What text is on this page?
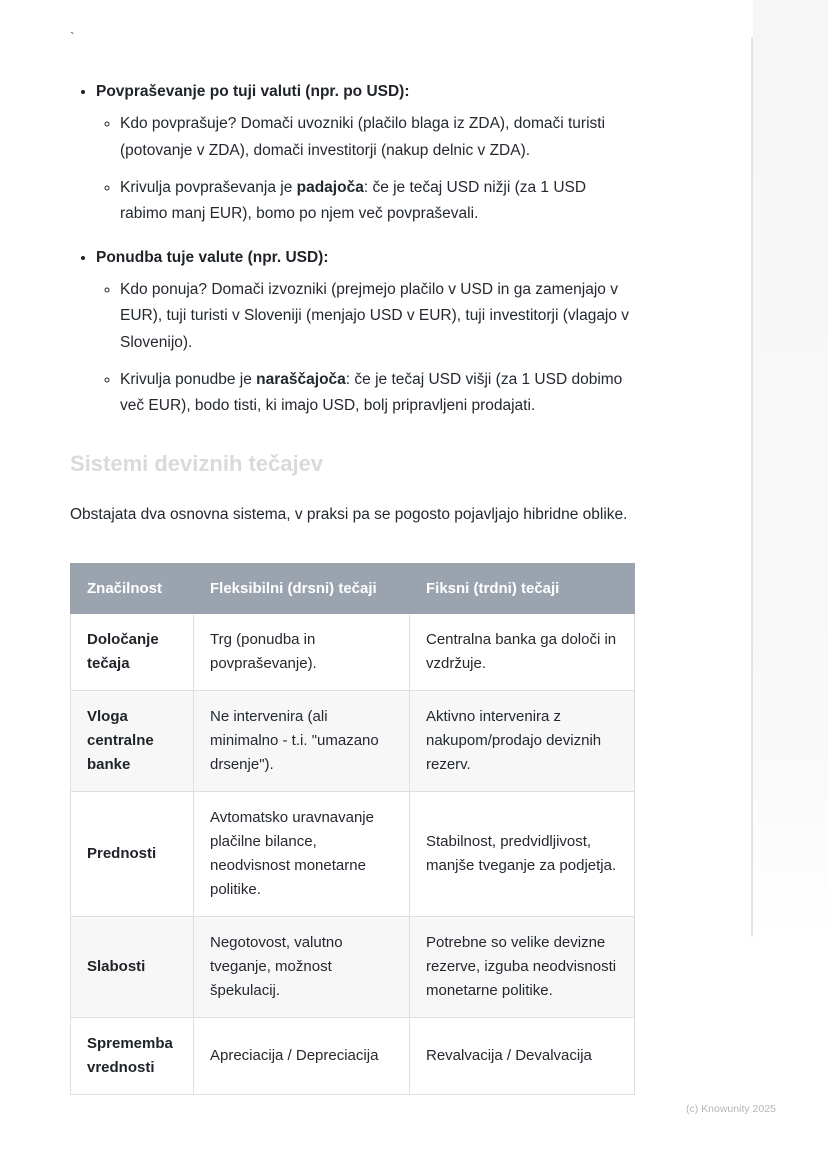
`
• Povpraševanje po tuji valuti (npr. po USD):
◦ Kdo povprašuje? Domači uvozniki (plačilo blaga iz ZDA), domači turisti (potovanje v ZDA), domači investitorji (nakup delnic v ZDA).
◦ Krivulja povpraševanja je padajoča: če je tečaj USD nižji (za 1 USD rabimo manj EUR), bomo po njem več povpraševali.
• Ponudba tuje valute (npr. USD):
◦ Kdo ponuja? Domači izvozniki (prejmejo plačilo v USD in ga zamenjajo v EUR), tuji turisti v Sloveniji (menjajo USD v EUR), tuji investitorji (vlagajo v Slovenijo).
◦ Krivulja ponudbe je naraščajoča: če je tečaj USD višji (za 1 USD dobimo več EUR), bodo tisti, ki imajo USD, bolj pripravljeni prodajati.
Sistemi deviznih tečajev

Obstajata dva osnovna sistema, v praksi pa se pogosto pojavljajo hibridne oblike.

Značilnost	Fleksibilni (drsni) tečaji	Fiksni (trdni) tečaji
Določanje tečaja	Trg (ponudba in povpraševanje).	Centralna banka ga določi in vzdržuje.
Vloga centralne banke	Ne intervenira (ali minimalno - t.i. "umazano drsenje").	Aktivno intervenira z nakupom/prodajo deviznih rezerv.
Prednosti	Avtomatsko uravnavanje plačilne bilance, neodvisnost monetarne politike.	Stabilnost, predvidljivost, manjše tveganje za podjetja.
Slabosti	Negotovost, valutno tveganje, možnost špekulacij.	Potrebne so velike devizne rezerve, izguba neodvisnosti monetarne politike.
Sprememba vrednosti	Apreciacija / Depreciacija	Revalvacija / Devalvacija
(c) Knowunity 2025
